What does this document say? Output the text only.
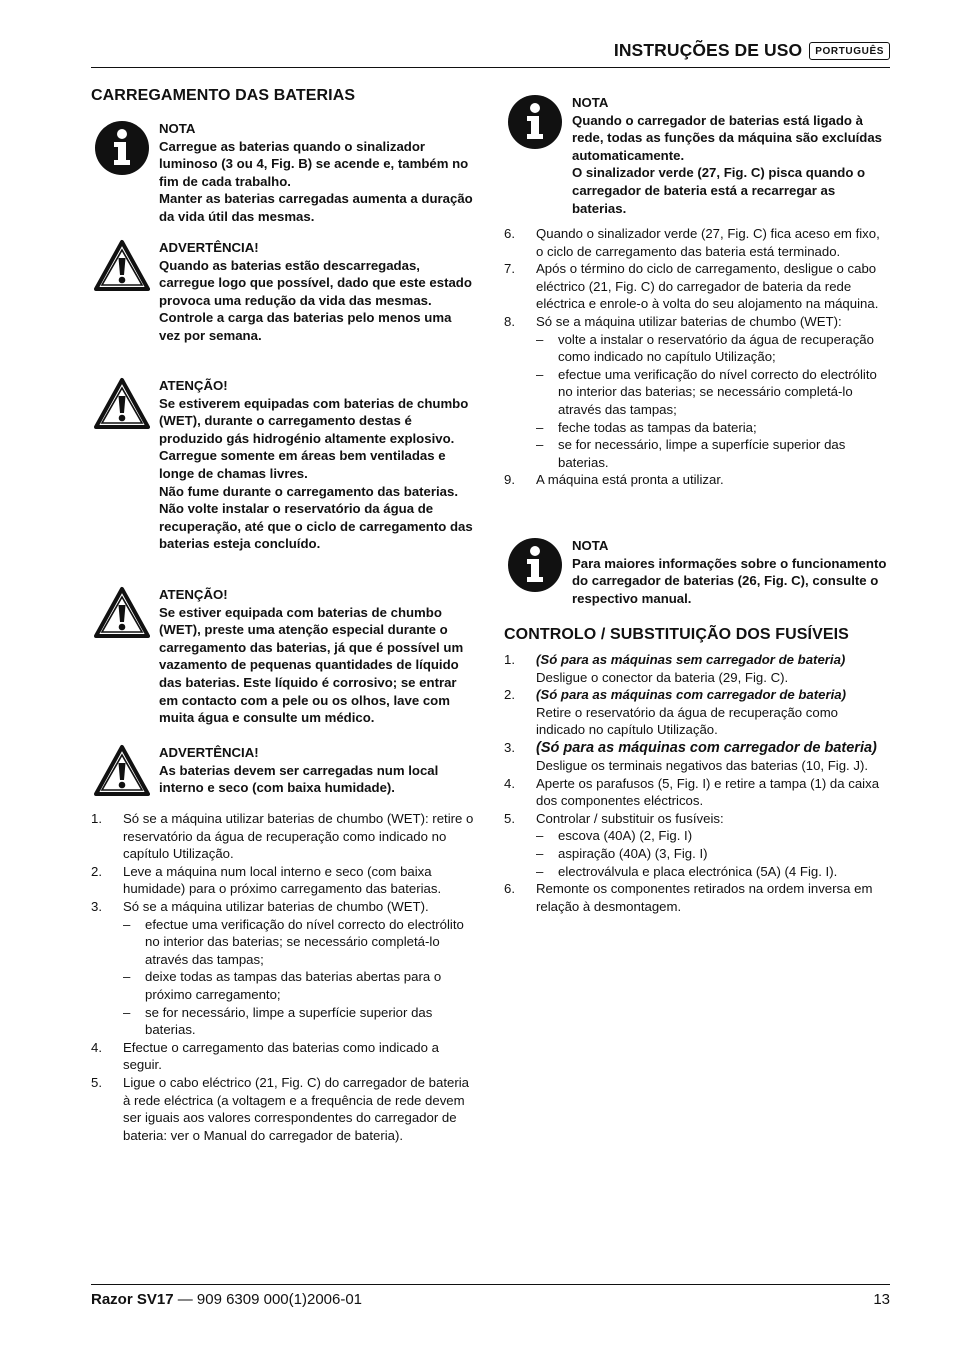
INSTRUÇÕES DE USO	PORTUGUÊS
CARREGAMENTO DAS BATERIAS

NOTA

Carregue as baterias quando o sinalizador luminoso (3 ou 4, Fig. B) se acende e, também no fim de cada trabalho.

Manter as baterias carregadas aumenta a duração da vida útil das mesmas.

ADVERTÊNCIA!

Quando as baterias estão descarregadas, carregue logo que possível, dado que este estado provoca uma redução da vida das mesmas.

Controle a carga das baterias pelo menos uma vez por semana.

ATENÇÃO!

Se estiverem equipadas com baterias de chumbo (WET), durante o carregamento destas é produzido gás hidrogénio altamente explosivo. Carregue somente em áreas bem ventiladas e longe de chamas livres.

Não fume durante o carregamento das baterias.

Não volte instalar o reservatório da água de recuperação, até que o ciclo de carregamento das baterias esteja concluído.

ATENÇÃO!

Se estiver equipada com baterias de chumbo (WET), preste uma atenção especial durante o carregamento das baterias, já que é possível um vazamento de pequenas quantidades de líquido das baterias. Este líquido é corrosivo; se entrar em contacto com a pele ou os olhos, lave com muita água e consulte um médico.

ADVERTÊNCIA!

As baterias devem ser carregadas num local interno e seco (com baixa humidade).

1. Só se a máquina utilizar baterias de chumbo (WET): retire o reservatório da água de recuperação como indicado no capítulo Utilização.
2. Leve a máquina num local interno e seco (com baixa humidade) para o próximo carregamento das baterias.
3. Só se a máquina utilizar baterias de chumbo (WET).
– efectue uma verificação do nível correcto do electrólito no interior das baterias; se necessário completá-lo através das tampas;
– deixe todas as tampas das baterias abertas para o próximo carregamento;
– se for necessário, limpe a superfície superior das baterias.
4. Efectue o carregamento das baterias como indicado a seguir.
5. Ligue o cabo eléctrico (21, Fig. C) do carregador de bateria à rede eléctrica (a voltagem e a frequência de rede devem ser iguais aos valores correspondentes do carregador de bateria: ver o Manual do carregador de bateria).

NOTA

Quando o carregador de baterias está ligado à rede, todas as funções da máquina são excluídas automaticamente.

O sinalizador verde (27, Fig. C) pisca quando o carregador de bateria está a recarregar as baterias.

6. Quando o sinalizador verde (27, Fig. C) fica aceso em fixo, o ciclo de carregamento das bateria está terminado.
7. Após o término do ciclo de carregamento, desligue o cabo eléctrico (21, Fig. C) do carregador de bateria da rede eléctrica e enrole-o à volta do seu alojamento na máquina.
8. Só se a máquina utilizar baterias de chumbo (WET):
– volte a instalar o reservatório da água de recuperação como indicado no capítulo Utilização;
– efectue uma verificação do nível correcto do electrólito no interior das baterias; se necessário completá-lo através das tampas;
– feche todas as tampas da bateria;
– se for necessário, limpe a superfície superior das baterias.
9. A máquina está pronta a utilizar.

NOTA

Para maiores informações sobre o funcionamento do carregador de baterias (26, Fig. C), consulte o respectivo manual.

CONTROLO / SUBSTITUIÇÃO DOS FUSÍVEIS
1. (Só para as máquinas sem carregador de bateria)
Desligue o conector da bateria (29, Fig. C).
2. (Só para as máquinas com carregador de bateria)
Retire o reservatório da água de recuperação como indicado no capítulo Utilização.
3. (Só para as máquinas com carregador de bateria)
Desligue os terminais negativos das baterias (10, Fig. J).
4. Aperte os parafusos (5, Fig. I) e retire a tampa (1) da caixa dos componentes eléctricos.
5. Controlar / substituir os fusíveis:
– escova (40A) (2, Fig. I)
– aspiração (40A) (3, Fig. I)
– electroválvula e placa electrónica (5A) (4 Fig. I).
6. Remonte os componentes retirados na ordem inversa em relação à desmontagem.
Razor SV17 — 909 6309 000(1)2006-01	13
